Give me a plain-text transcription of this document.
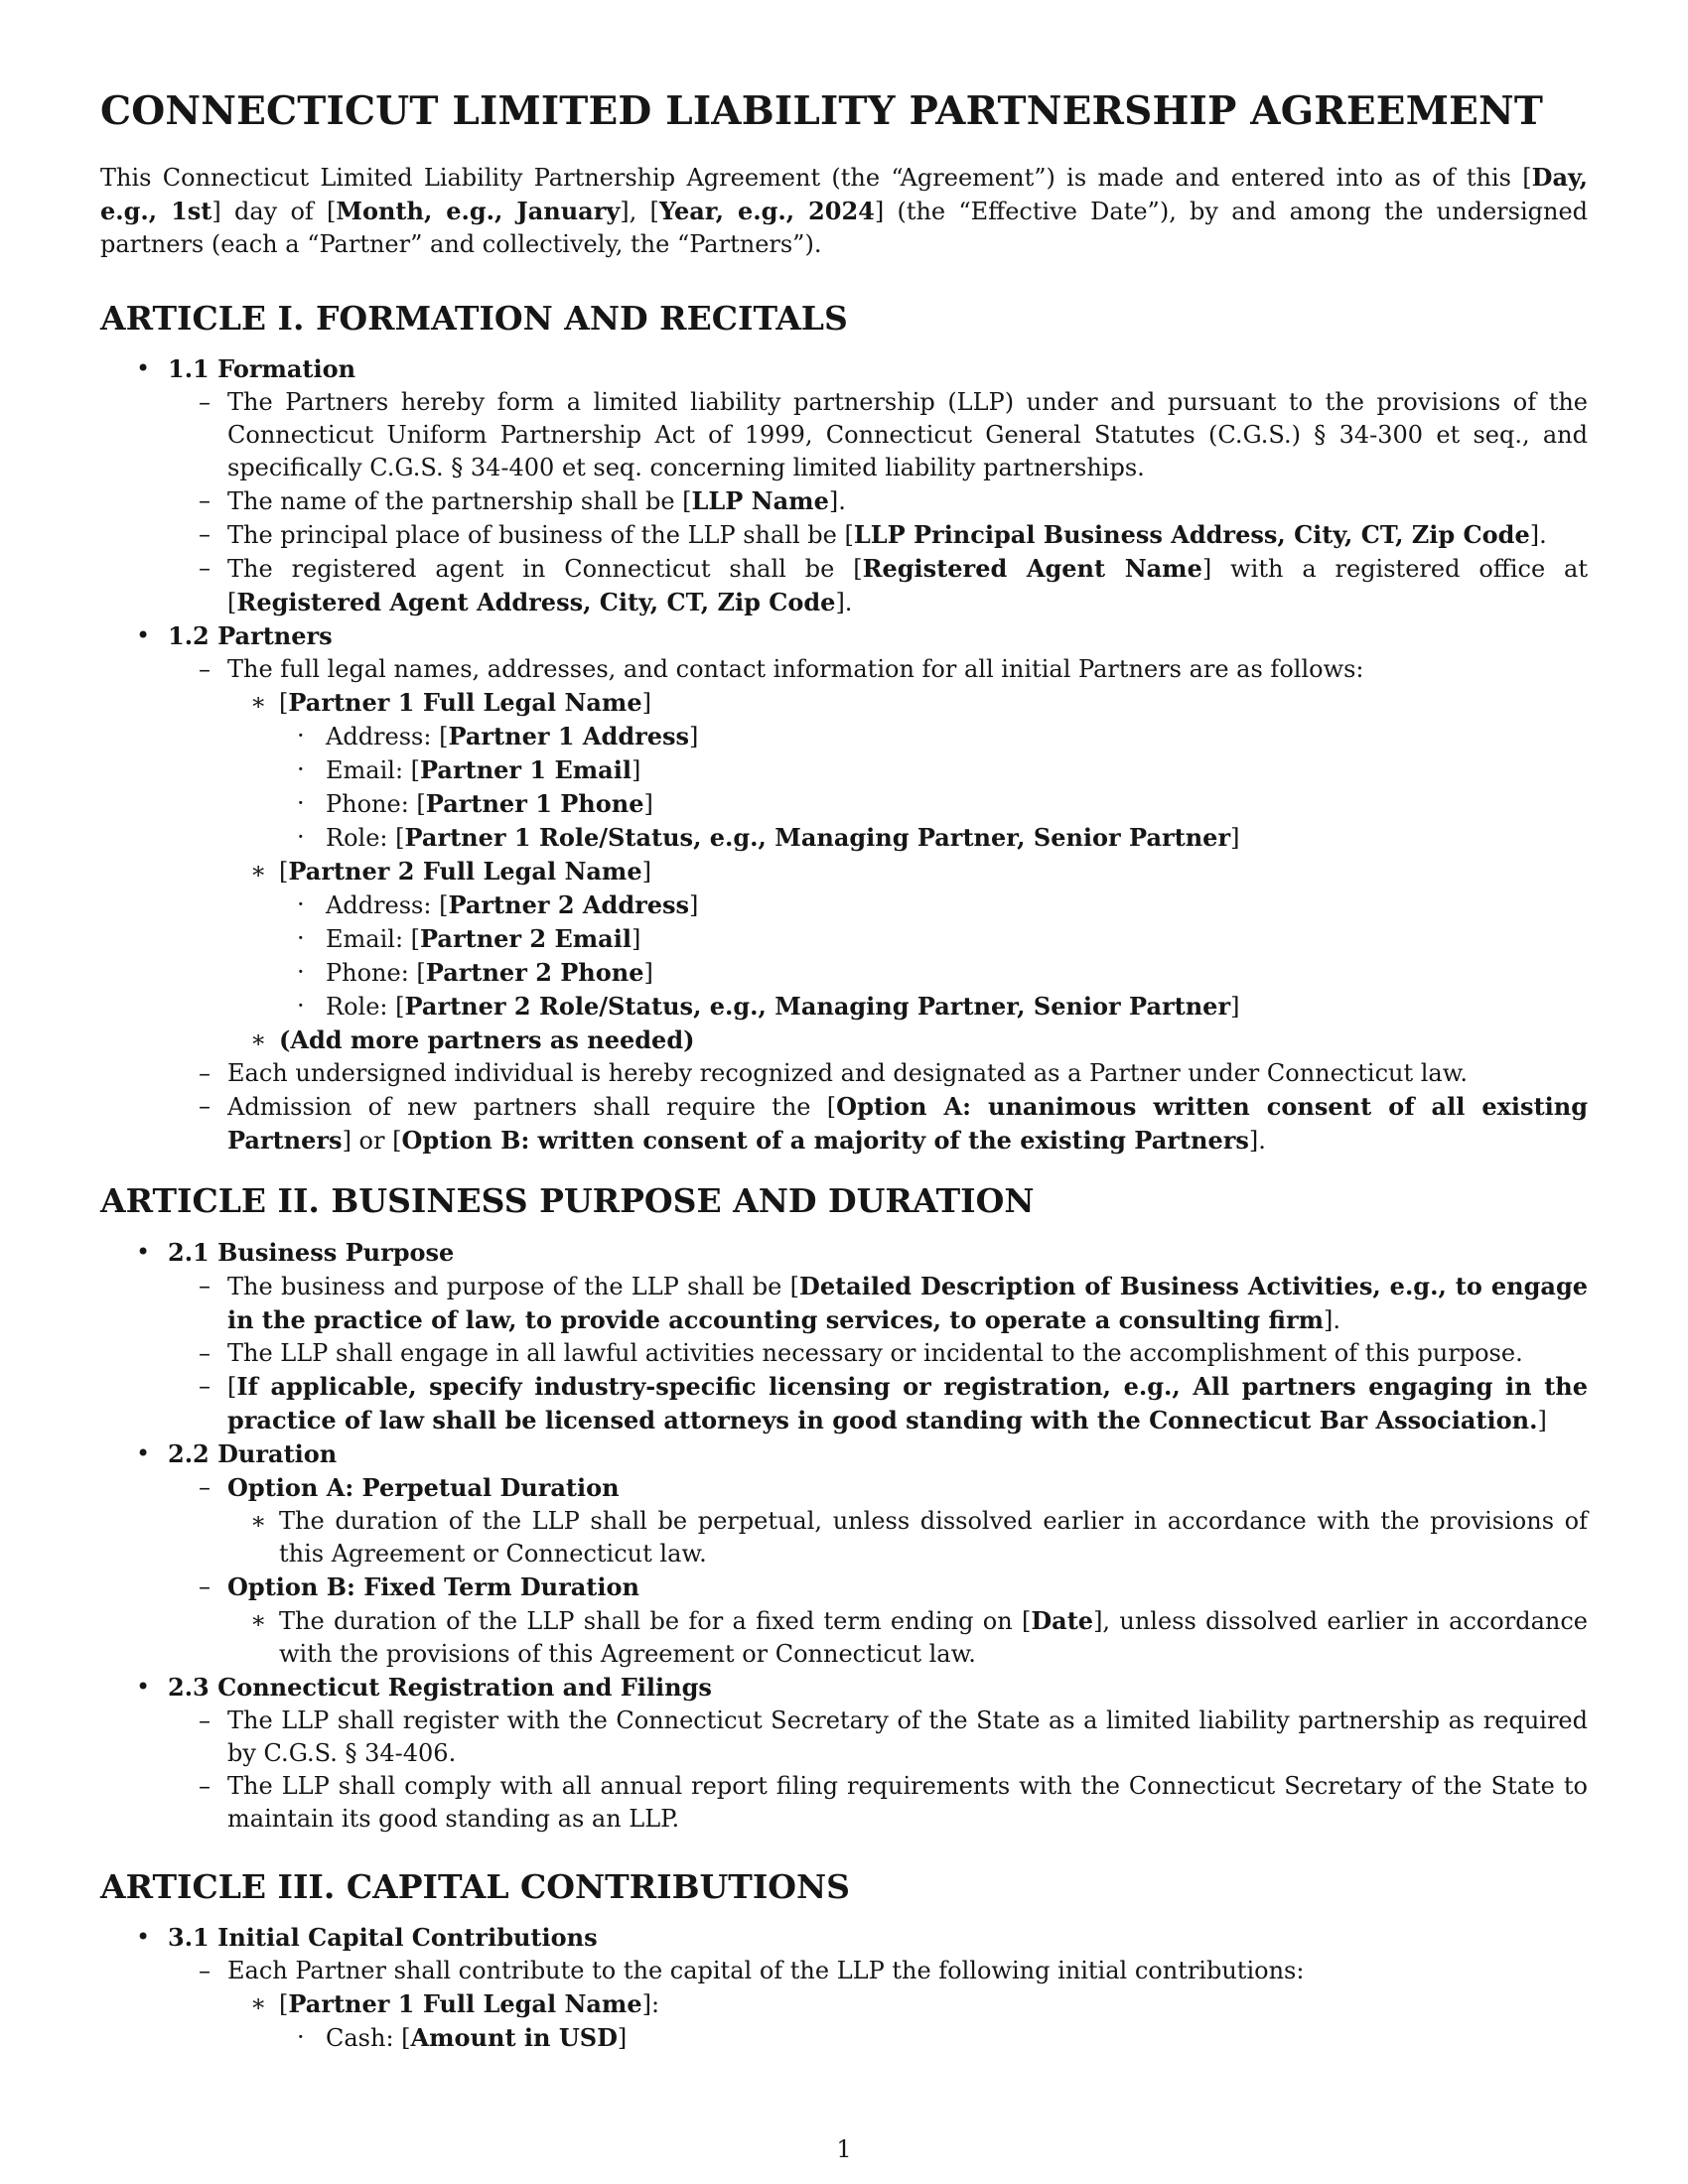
CONNECTICUT LIMITED LIABILITY PARTNERSHIP AGREEMENT

This Connecticut Limited Liability Partnership Agreement (the “Agreement”) is made and entered into as of this [Day, e.g., 1st] day of [Month, e.g., January], [Year, e.g., 2024] (the “Effective Date”), by and among the undersigned partners (each a “Partner” and collectively, the “Partners”).

ARTICLE I. FORMATION AND RECITALS
• 1.1 Formation
– The Partners hereby form a limited liability partnership (LLP) under and pursuant to the provisions of the Connecticut Uniform Partnership Act of 1999, Connecticut General Statutes (C.G.S.) § 34-300 et seq., and specifically C.G.S. § 34-400 et seq. concerning limited liability partnerships.
– The name of the partnership shall be [LLP Name].
– The principal place of business of the LLP shall be [LLP Principal Business Address, City, CT, Zip Code].
– The registered agent in Connecticut shall be [Registered Agent Name] with a registered office at [Registered Agent Address, City, CT, Zip Code].
• 1.2 Partners
– The full legal names, addresses, and contact information for all initial Partners are as follows:
∗ [Partner 1 Full Legal Name]
· Address: [Partner 1 Address]
· Email: [Partner 1 Email]
· Phone: [Partner 1 Phone]
· Role: [Partner 1 Role/Status, e.g., Managing Partner, Senior Partner]
∗ [Partner 2 Full Legal Name]
· Address: [Partner 2 Address]
· Email: [Partner 2 Email]
· Phone: [Partner 2 Phone]
· Role: [Partner 2 Role/Status, e.g., Managing Partner, Senior Partner]
∗ (Add more partners as needed)
– Each undersigned individual is hereby recognized and designated as a Partner under Connecticut law.
– Admission of new partners shall require the [Option A: unanimous written consent of all existing Partners] or [Option B: written consent of a majority of the existing Partners].
ARTICLE II. BUSINESS PURPOSE AND DURATION
• 2.1 Business Purpose
– The business and purpose of the LLP shall be [Detailed Description of Business Activities, e.g., to engage in the practice of law, to provide accounting services, to operate a consulting firm].
– The LLP shall engage in all lawful activities necessary or incidental to the accomplishment of this purpose.
– [If applicable, specify industry-specific licensing or registration, e.g., All partners engaging in the practice of law shall be licensed attorneys in good standing with the Connecticut Bar Association.]
• 2.2 Duration
– Option A: Perpetual Duration
∗ The duration of the LLP shall be perpetual, unless dissolved earlier in accordance with the provisions of this Agreement or Connecticut law.
– Option B: Fixed Term Duration
∗ The duration of the LLP shall be for a fixed term ending on [Date], unless dissolved earlier in accordance with the provisions of this Agreement or Connecticut law.
• 2.3 Connecticut Registration and Filings
– The LLP shall register with the Connecticut Secretary of the State as a limited liability partnership as required by C.G.S. § 34-406.
– The LLP shall comply with all annual report filing requirements with the Connecticut Secretary of the State to maintain its good standing as an LLP.
ARTICLE III. CAPITAL CONTRIBUTIONS
• 3.1 Initial Capital Contributions
– Each Partner shall contribute to the capital of the LLP the following initial contributions:
∗ [Partner 1 Full Legal Name]:
· Cash: [Amount in USD]
1
